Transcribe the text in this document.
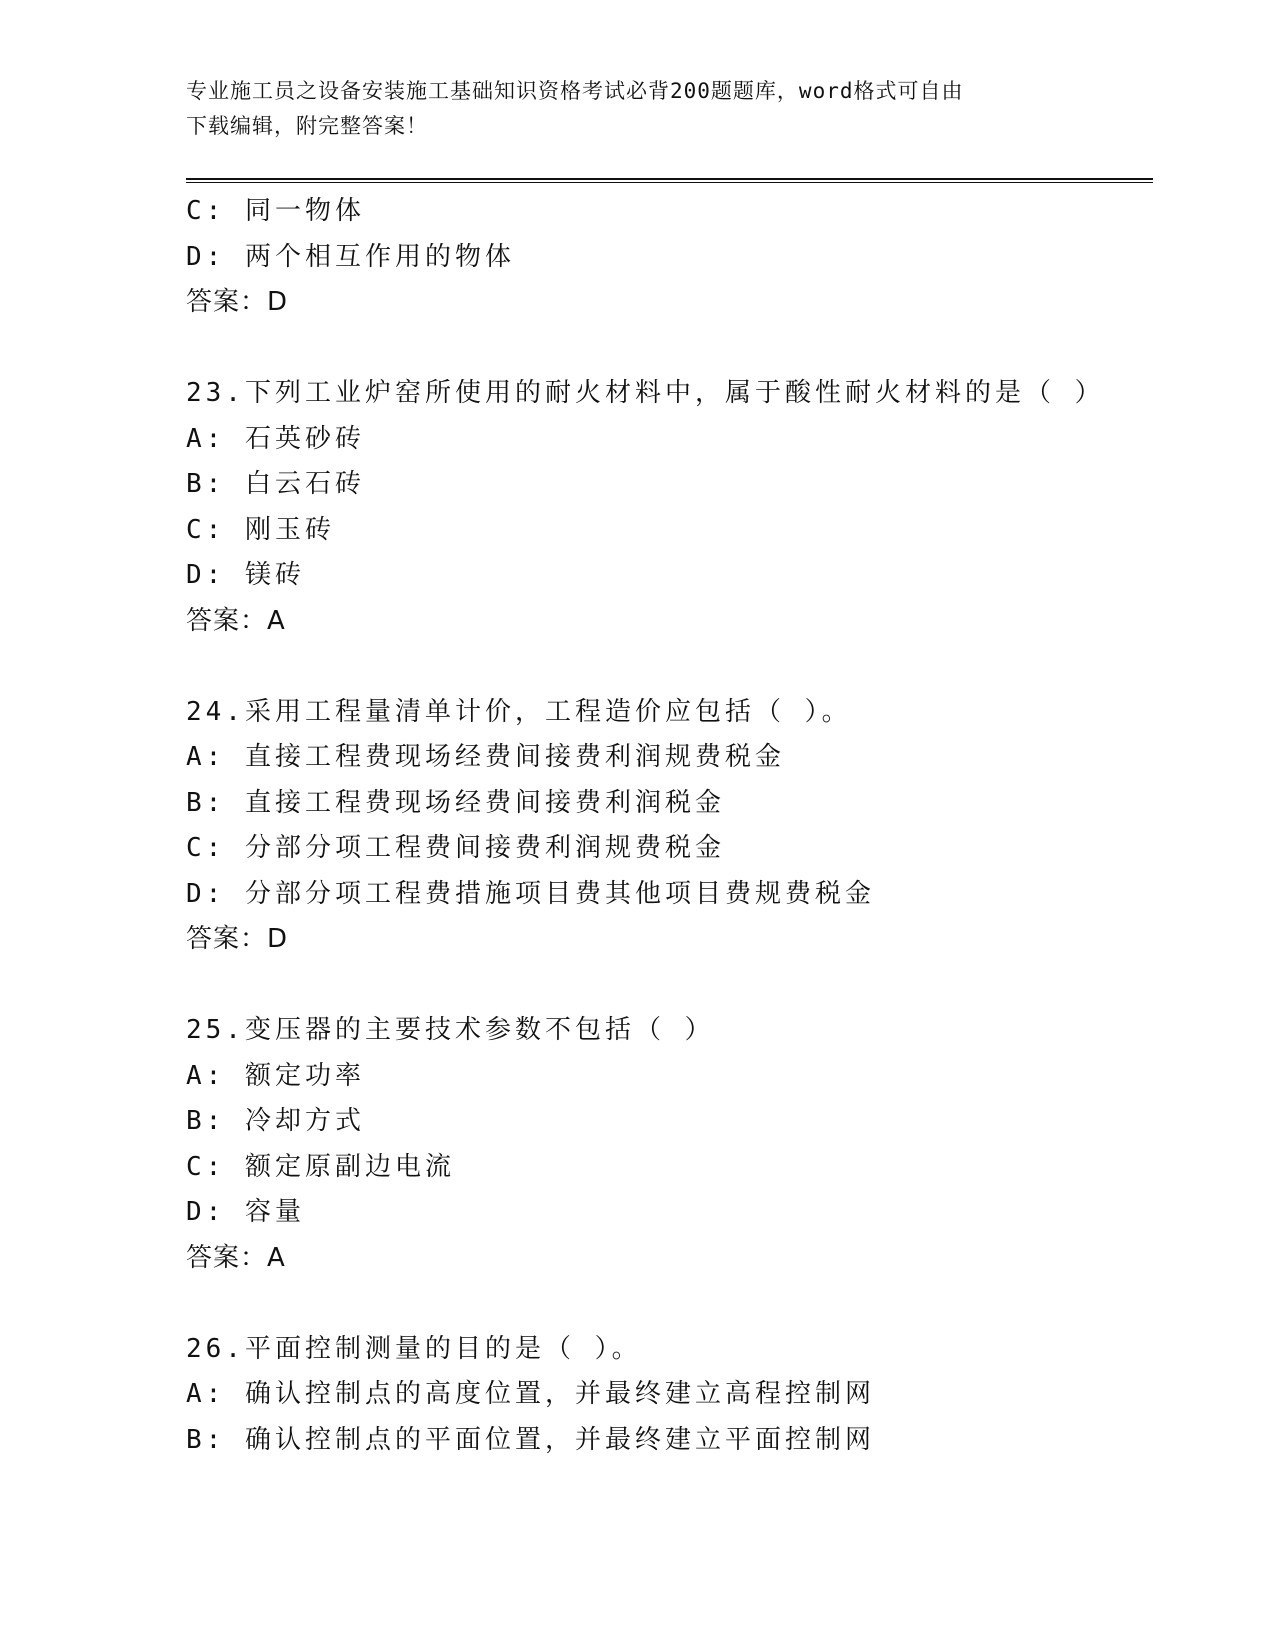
专业施工员之设备安装施工基础知识资格考试必背200题题库，word格式可自由
下载编辑，附完整答案！
C: 同一物体
D: 两个相互作用的物体
答案：D
23.下列工业炉窑所使用的耐火材料中，属于酸性耐火材料的是（ ）
A: 石英砂砖
B: 白云石砖
C: 刚玉砖
D: 镁砖
答案：A
24.采用工程量清单计价，工程造价应包括（ ）。
A: 直接工程费现场经费间接费利润规费税金
B: 直接工程费现场经费间接费利润税金
C: 分部分项工程费间接费利润规费税金
D: 分部分项工程费措施项目费其他项目费规费税金
答案：D
25.变压器的主要技术参数不包括（ ）
A: 额定功率
B: 冷却方式
C: 额定原副边电流
D: 容量
答案：A
26.平面控制测量的目的是（ ）。
A: 确认控制点的高度位置，并最终建立高程控制网
B: 确认控制点的平面位置，并最终建立平面控制网
